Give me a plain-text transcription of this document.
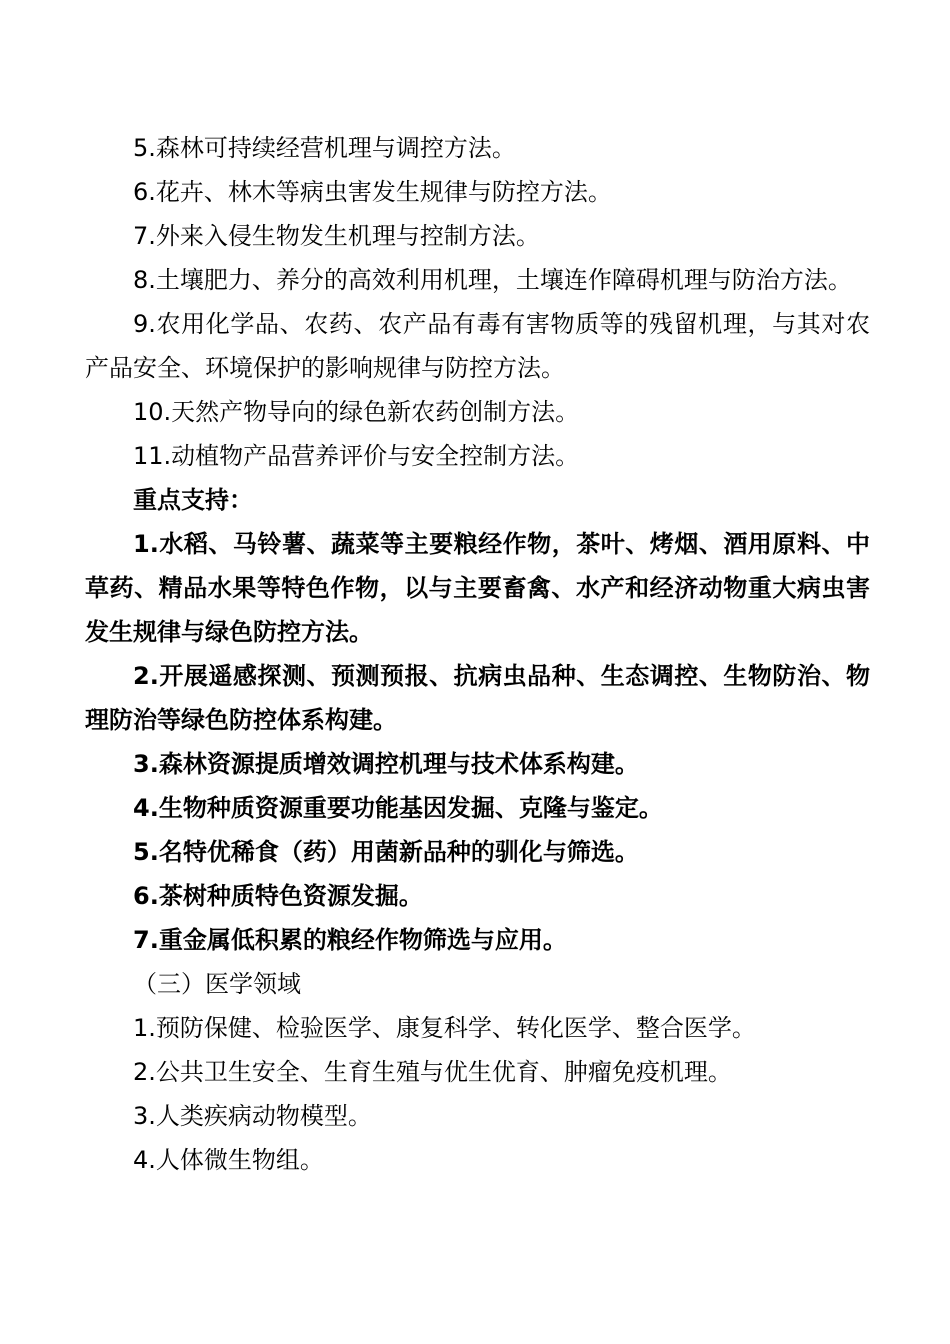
5.森林可持续经营机理与调控方法。

6.花卉、林木等病虫害发生规律与防控方法。

7.外来入侵生物发生机理与控制方法。

8.土壤肥力、养分的高效利用机理，土壤连作障碍机理与防治方法。

9.农用化学品、农药、农产品有毒有害物质等的残留机理，与其对农产品安全、环境保护的影响规律与防控方法。

10.天然产物导向的绿色新农药创制方法。

11.动植物产品营养评价与安全控制方法。

重点支持：

1.水稻、马铃薯、蔬菜等主要粮经作物，茶叶、烤烟、酒用原料、中草药、精品水果等特色作物，以与主要畜禽、水产和经济动物重大病虫害发生规律与绿色防控方法。

2.开展遥感探测、预测预报、抗病虫品种、生态调控、生物防治、物理防治等绿色防控体系构建。

3.森林资源提质增效调控机理与技术体系构建。

4.生物种质资源重要功能基因发掘、克隆与鉴定。

5.名特优稀食（药）用菌新品种的驯化与筛选。

6.茶树种质特色资源发掘。

7.重金属低积累的粮经作物筛选与应用。

（三）医学领域

1.预防保健、检验医学、康复科学、转化医学、整合医学。

2.公共卫生安全、生育生殖与优生优育、肿瘤免疫机理。

3.人类疾病动物模型。

4.人体微生物组。
